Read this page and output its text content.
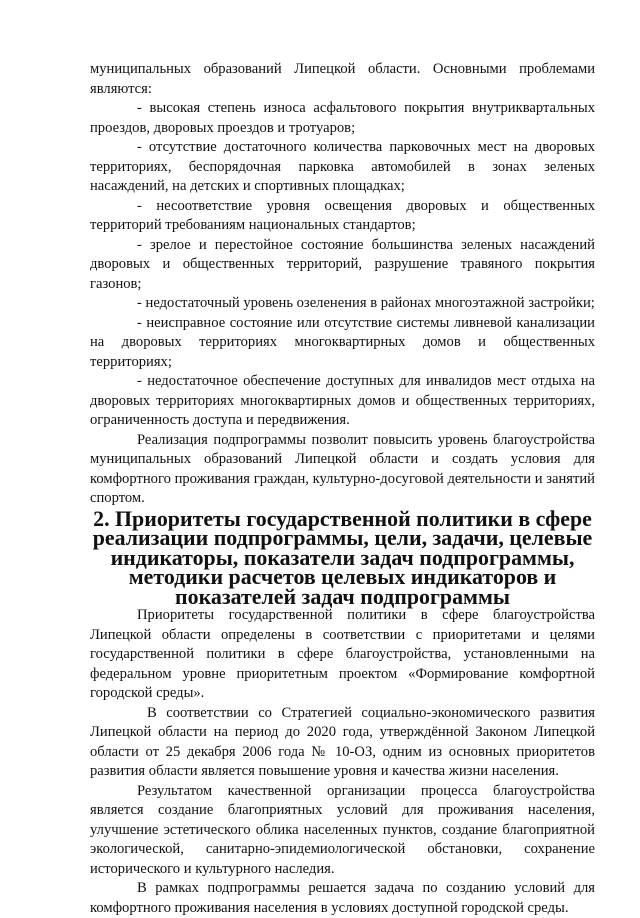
муниципальных образований Липецкой области. Основными проблемами являются:

- высокая степень износа асфальтового покрытия внутриквартальных проездов, дворовых проездов и тротуаров;

- отсутствие достаточного количества парковочных мест на дворовых территориях, беспорядочная парковка автомобилей в зонах зеленых насаждений, на детских и спортивных площадках;

- несоответствие уровня освещения дворовых и общественных территорий требованиям национальных стандартов;

- зрелое и перестойное состояние большинства зеленых насаждений дворовых и общественных территорий, разрушение травяного покрытия газонов;

- недостаточный уровень озеленения в районах многоэтажной застройки;

- неисправное состояние или отсутствие системы ливневой канализации на дворовых территориях многоквартирных домов и общественных территориях;

- недостаточное обеспечение доступных для инвалидов мест отдыха на дворовых территориях многоквартирных домов и общественных территориях, ограниченность доступа и передвижения.

Реализация подпрограммы позволит повысить уровень благоустройства муниципальных образований Липецкой области и создать условия для комфортного проживания граждан, культурно-досуговой деятельности и занятий спортом.

2. Приоритеты государственной политики в сфере реализации подпрограммы, цели, задачи, целевые индикаторы, показатели задач подпрограммы, методики расчетов целевых индикаторов и показателей задач подпрограммы

Приоритеты государственной политики в сфере благоустройства Липецкой области определены в соответствии с приоритетами и целями государственной политики в сфере благоустройства, установленными на федеральном уровне приоритетным проектом «Формирование комфортной городской среды».

В соответствии со Стратегией социально-экономического развития Липецкой области на период до 2020 года, утверждённой Законом Липецкой области от 25 декабря 2006 года № 10-ОЗ, одним из основных приоритетов развития области является повышение уровня и качества жизни населения.

Результатом качественной организации процесса благоустройства является создание благоприятных условий для проживания населения, улучшение эстетического облика населенных пунктов, создание благоприятной экологической, санитарно-эпидемиологической обстановки, сохранение исторического и культурного наследия.

В рамках подпрограммы решается задача по созданию условий для комфортного проживания населения в условиях доступной городской среды.
